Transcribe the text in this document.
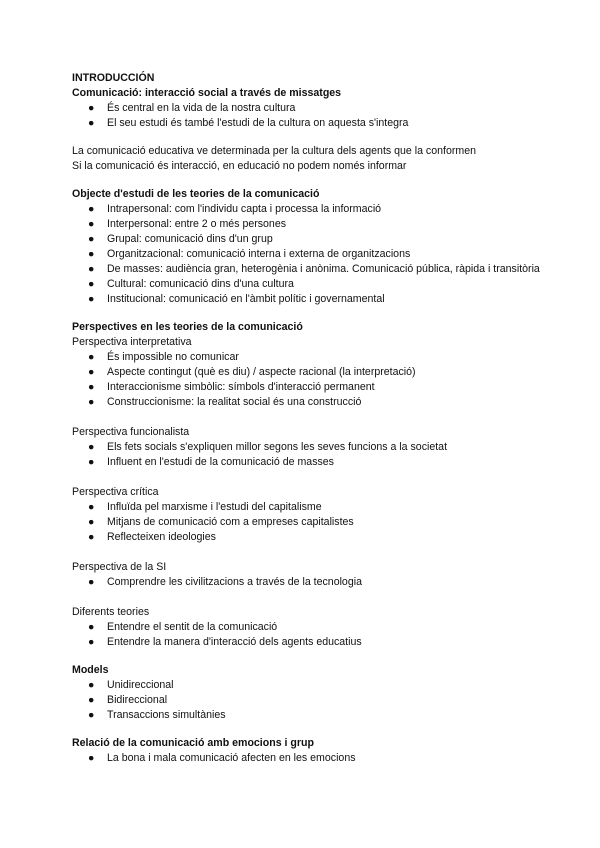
INTRODUCCIÓN

Comunicació: interacció social a través de missatges

● És central en la vida de la nostra cultura
● El seu estudi és també l'estudi de la cultura on aquesta s'integra

La comunicació educativa ve determinada per la cultura dels agents que la conformen

Si la comunicació és interacció, en educació no podem només informar

Objecte d'estudi de les teories de la comunicació

● Intrapersonal: com l'individu capta i processa la informació
● Interpersonal: entre 2 o més persones
● Grupal: comunicació dins d'un grup
● Organitzacional: comunicació interna i externa de organitzacions
● De masses: audiència gran, heterogènia i anònima. Comunicació pública, ràpida i transitòria
● Cultural: comunicació dins d'una cultura
● Institucional: comunicació en l'àmbit polític i governamental

Perspectives en les teories de la comunicació

Perspectiva interpretativa

● És impossible no comunicar
● Aspecte contingut (què es diu) / aspecte racional (la interpretació)
● Interaccionisme simbòlic: símbols d'interacció permanent
● Construccionisme: la realitat social és una construcció

Perspectiva funcionalista

● Els fets socials s'expliquen millor segons les seves funcions a la societat
● Influent en l'estudi de la comunicació de masses

Perspectiva crítica

● Influïda pel marxisme i l'estudi del capitalisme
● Mitjans de comunicació com a empreses capitalistes
● Reflecteixen ideologies

Perspectiva de la SI

● Comprendre les civilitzacions a través de la tecnologia

Diferents teories

● Entendre el sentit de la comunicació
● Entendre la manera d'interacció dels agents educatius

Models

● Unidireccional
● Bidireccional
● Transaccions simultànies

Relació de la comunicació amb emocions i grup

● La bona i mala comunicació afecten en les emocions
